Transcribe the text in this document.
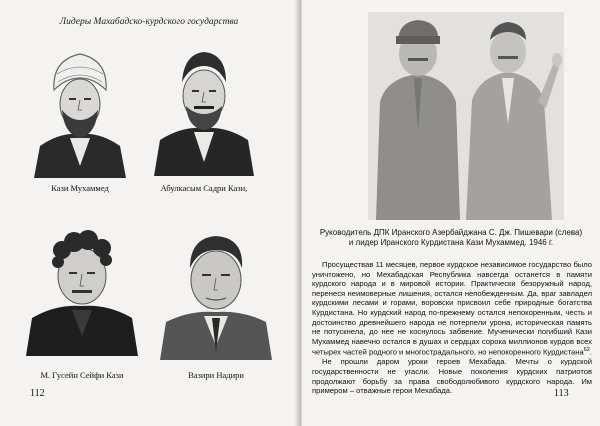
Лидеры Махабадско-курдского государства
Кази Мухаммед	Абулкасым Садри Кази,
М. Гусейн Сейфи Кази	Вазири Надири
112
Руководитель ДПК Иранского Азербайджана С. Дж. Пишевари (слева)
и лидер Иранского Курдистана Кази Мухаммед. 1946 г.

Просуществав 11 месяцев, первое курдское независимое государство было уничтожено, но Мехабадская Республика навсегда останется в памяти курдского народа и в мировой истории. Практически безоружный народ, перенеся неимоверные лишения, остался непобежденным. Да, враг завладел курдскими лесами и горами, воровски присвоил себе природные богатства Курдистана. Но курдский народ по-прежнему остался непокоренным, честь и достоинство древнейшего народа не потерпели урона, историческая память не потускнела, до нее не коснулось забвение. Мученически погибший Кази Мухаммед навечно остался в душах и сердцах сорока миллионов курдов всех четырех частей родного и многострадального, но непокоренного Курдистана$^{62}$.

Не прошли даром уроки героев Мехабада. Мечты о курдской государственности не угасли. Новые поколения курдских патриотов продолжают борьбу за права свободолюбивого курдского народа. Им примером – отважные герои Мехабада.	113
